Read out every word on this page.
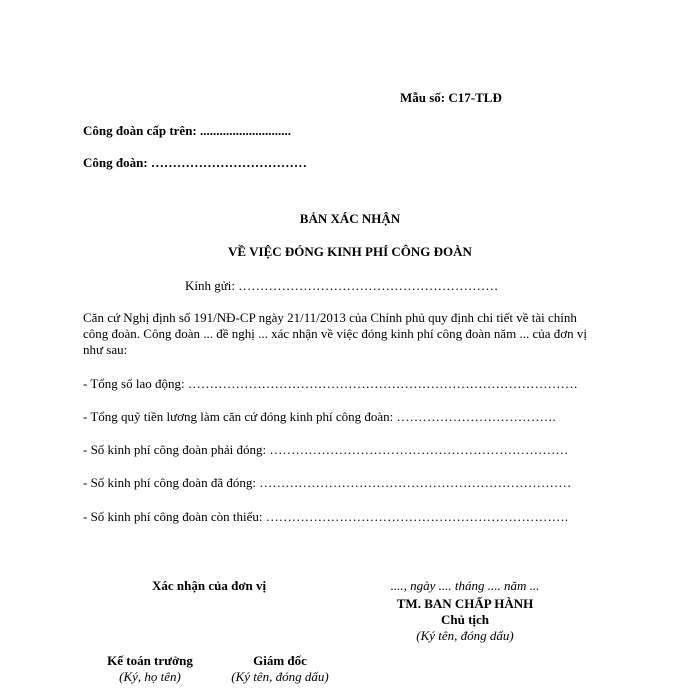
Mẫu số: C17-TLĐ
Công đoàn cấp trên: ............................
Công đoàn: ………………………………
BẢN XÁC NHẬN
VỀ VIỆC ĐÓNG KINH PHÍ CÔNG ĐOÀN
Kính gửi: ……………………………………………………
Căn cứ Nghị định số 191/NĐ-CP ngày 21/11/2013 của Chính phủ quy định chi tiết về tài chính
công đoàn. Công đoàn ... đề nghị ... xác nhận về việc đóng kinh phí công đoàn năm ... của đơn vị
như sau:
- Tổng số lao động: ………………………………………………………………………………
- Tổng quỹ tiền lương làm căn cứ đóng kinh phí công đoàn: ……………………………….
- Số kinh phí công đoàn phải đóng: ……………………………………………………………
- Số kinh phí công đoàn đã đóng: ………………………………………………………………
- Số kinh phí công đoàn còn thiếu: …………………………………………………………….
Xác nhận của đơn vị	...., ngày .... tháng .... năm ...
TM. BAN CHẤP HÀNH
Chủ tịch
(Ký tên, đóng dấu)
Kế toán trưởng
(Ký, họ tên)
Giám đốc
(Ký tên, đóng dấu)
